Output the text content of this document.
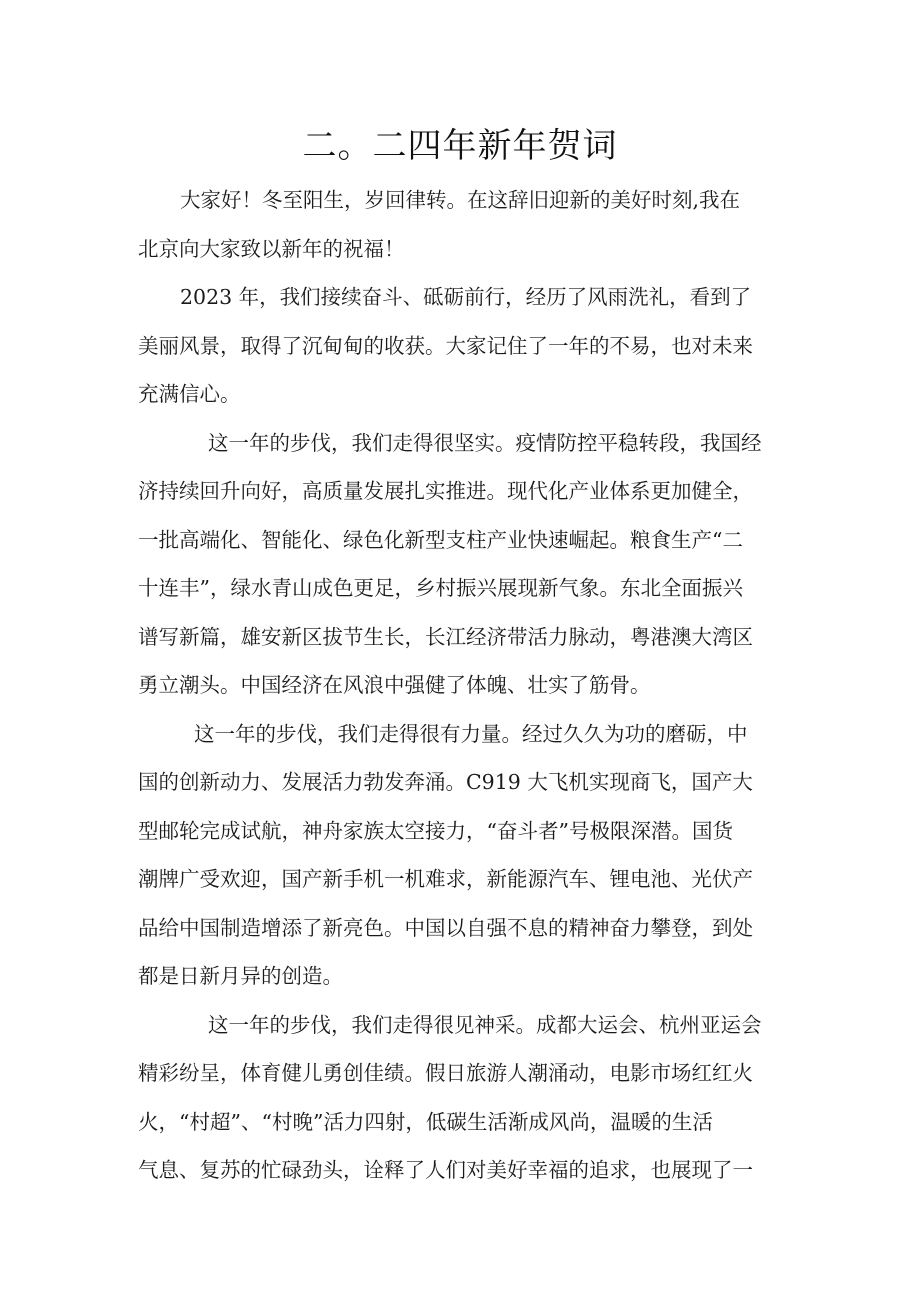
二。二四年新年贺词

大家好！冬至阳生，岁回律转。在这辞旧迎新的美好时刻,我在
北京向大家致以新年的祝福！

2023 年，我们接续奋斗、砥砺前行，经历了风雨洗礼，看到了
美丽风景，取得了沉甸甸的收获。大家记住了一年的不易，也对未来
充满信心。

这一年的步伐，我们走得很坚实。疫情防控平稳转段，我国经
济持续回升向好，高质量发展扎实推进。现代化产业体系更加健全，
一批高端化、智能化、绿色化新型支柱产业快速崛起。粮食生产“二
十连丰”，绿水青山成色更足，乡村振兴展现新气象。东北全面振兴
谱写新篇，雄安新区拔节生长，长江经济带活力脉动，粤港澳大湾区
勇立潮头。中国经济在风浪中强健了体魄、壮实了筋骨。

这一年的步伐，我们走得很有力量。经过久久为功的磨砺，中
国的创新动力、发展活力勃发奔涌。C919 大飞机实现商飞，国产大
型邮轮完成试航，神舟家族太空接力，“奋斗者”号极限深潜。国货
潮牌广受欢迎，国产新手机一机难求，新能源汽车、锂电池、光伏产
品给中国制造增添了新亮色。中国以自强不息的精神奋力攀登，到处
都是日新月异的创造。

这一年的步伐，我们走得很见神采。成都大运会、杭州亚运会
精彩纷呈，体育健儿勇创佳绩。假日旅游人潮涌动，电影市场红红火
火，“村超”、“村晚”活力四射，低碳生活渐成风尚，温暖的生活
气息、复苏的忙碌劲头，诠释了人们对美好幸福的追求，也展现了一
